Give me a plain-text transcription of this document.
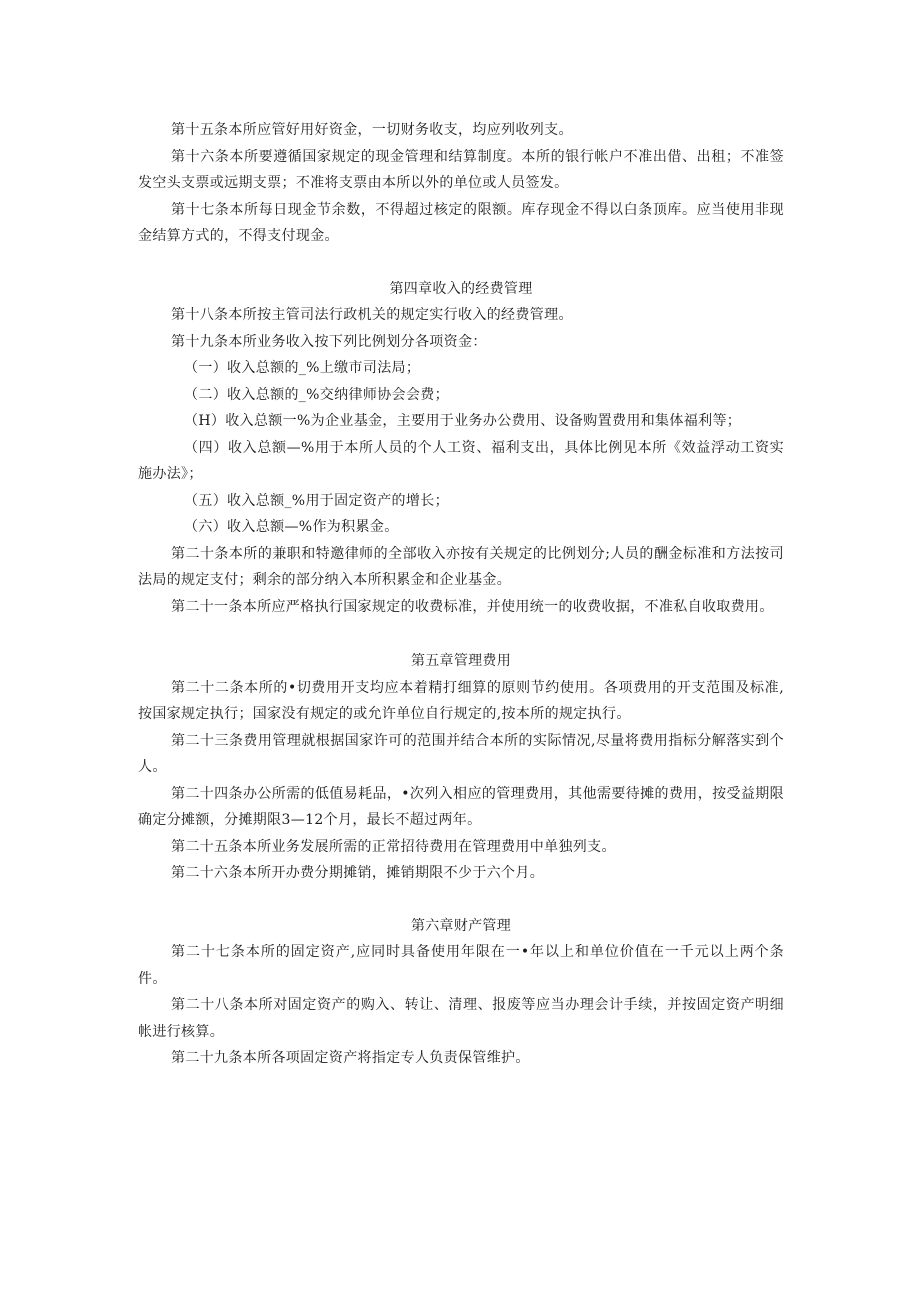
第十五条本所应管好用好资金，一切财务收支，均应列收列支。

第十六条本所要遵循国家规定的现金管理和结算制度。本所的银行帐户不准出借、出租；不准签发空头支票或远期支票；不准将支票由本所以外的单位或人员签发。

第十七条本所每日现金节余数，不得超过核定的限额。库存现金不得以白条顶库。应当使用非现金结算方式的，不得支付现金。

第四章收入的经费管理

第十八条本所按主管司法行政机关的规定实行收入的经费管理。

第十九条本所业务收入按下列比例划分各项资金：

（一）收入总额的_%上缴市司法局；

（二）收入总额的_%交纳律师协会会费；

（H）收入总额一%为企业基金，主要用于业务办公费用、设备购置费用和集体福利等；

（四）收入总额—%用于本所人员的个人工资、福利支出，具体比例见本所《效益浮动工资实施办法》；

（五）收入总额_%用于固定资产的增长；

（六）收入总额—%作为积累金。

第二十条本所的兼职和特邀律师的全部收入亦按有关规定的比例划分;人员的酬金标准和方法按司法局的规定支付；剩余的部分纳入本所积累金和企业基金。

第二十一条本所应严格执行国家规定的收费标准，并使用统一的收费收据，不准私自收取费用。

第五章管理费用

第二十二条本所的•切费用开支均应本着精打细算的原则节约使用。各项费用的开支范围及标准,按国家规定执行；国家没有规定的或允许单位自行规定的,按本所的规定执行。

第二十三条费用管理就根据国家许可的范围并结合本所的实际情况,尽量将费用指标分解落实到个人。

第二十四条办公所需的低值易耗品，•次列入相应的管理费用，其他需要待摊的费用，按受益期限确定分摊额，分摊期限3—12个月，最长不超过两年。

第二十五条本所业务发展所需的正常招待费用在管理费用中单独列支。

第二十六条本所开办费分期摊销，摊销期限不少于六个月。

第六章财产管理

第二十七条本所的固定资产,应同时具备使用年限在一•年以上和单位价值在一千元以上两个条件。

第二十八条本所对固定资产的购入、转让、清理、报废等应当办理会计手续，并按固定资产明细帐进行核算。

第二十九条本所各项固定资产将指定专人负责保管维护。
